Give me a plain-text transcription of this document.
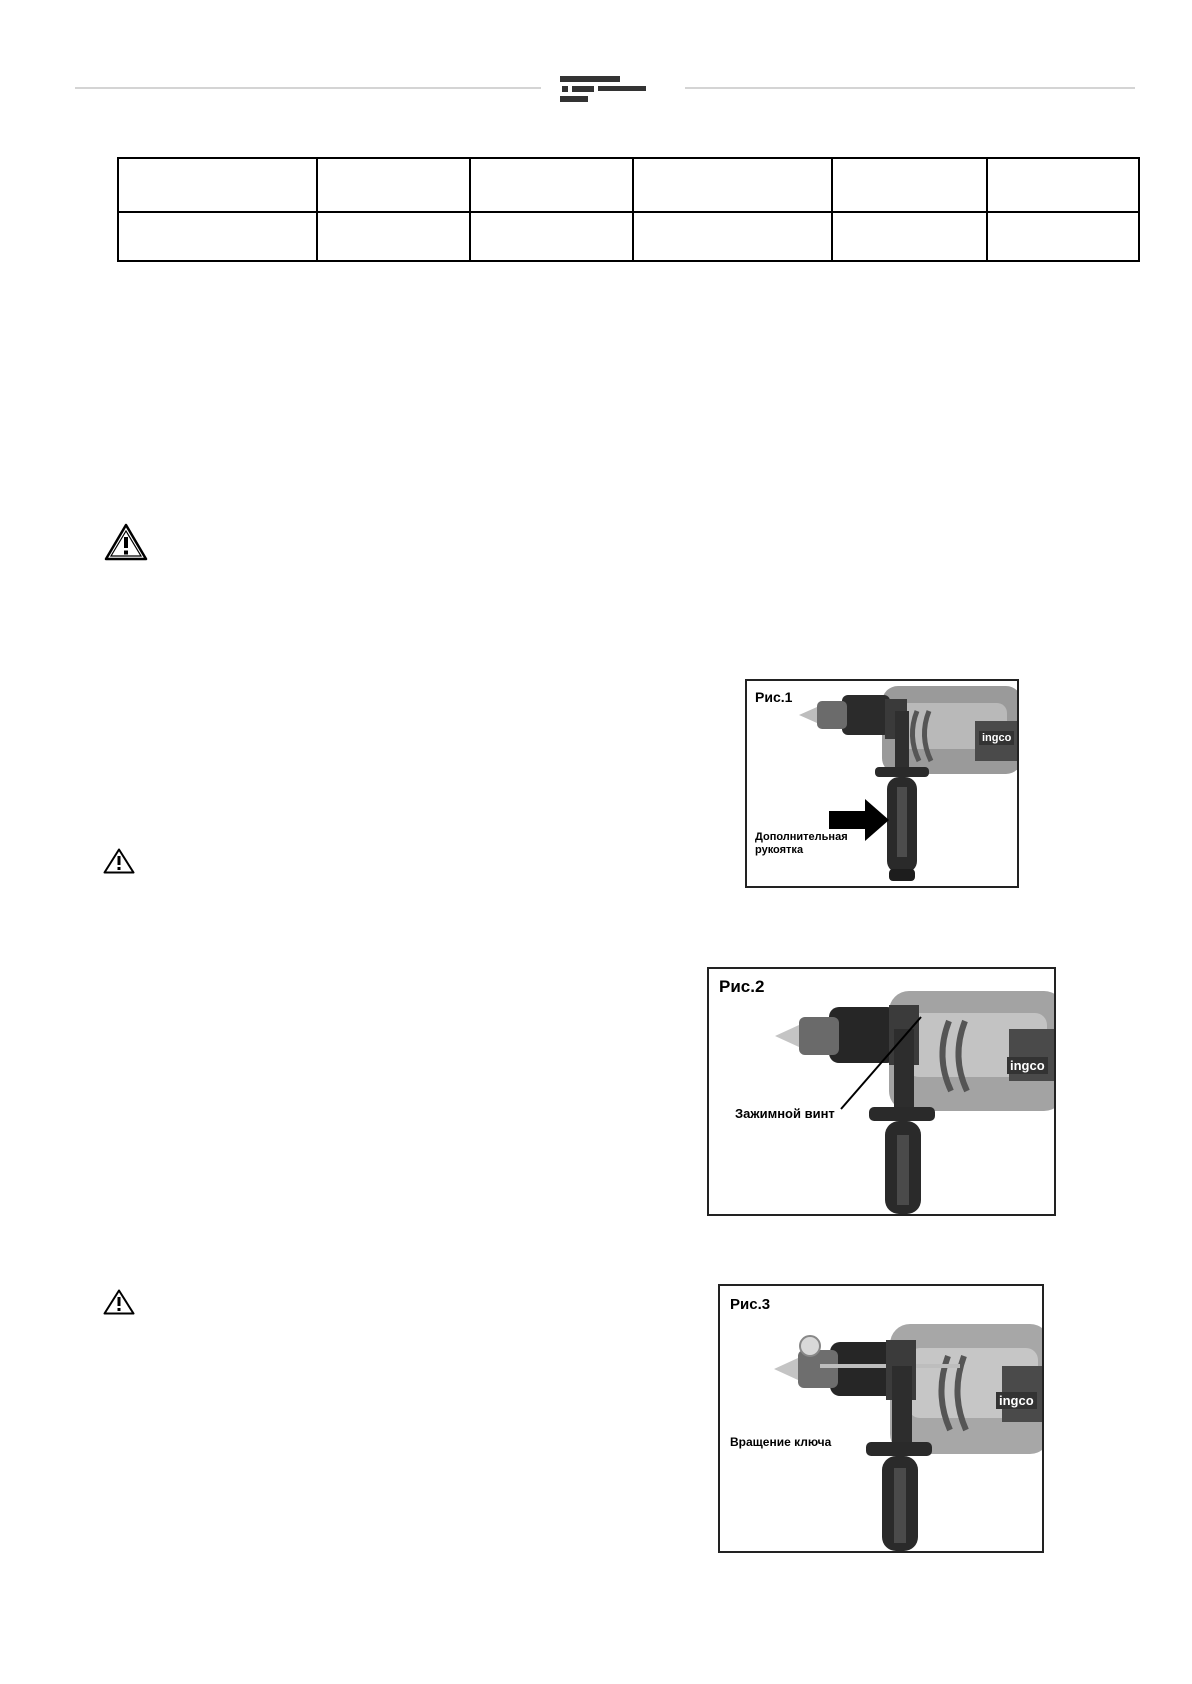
Рис.1
Дополнительная
рукоятка
ingco
Рис.2
Зажимной винт
ingco
Рис.3
Вращение ключа
ingco
